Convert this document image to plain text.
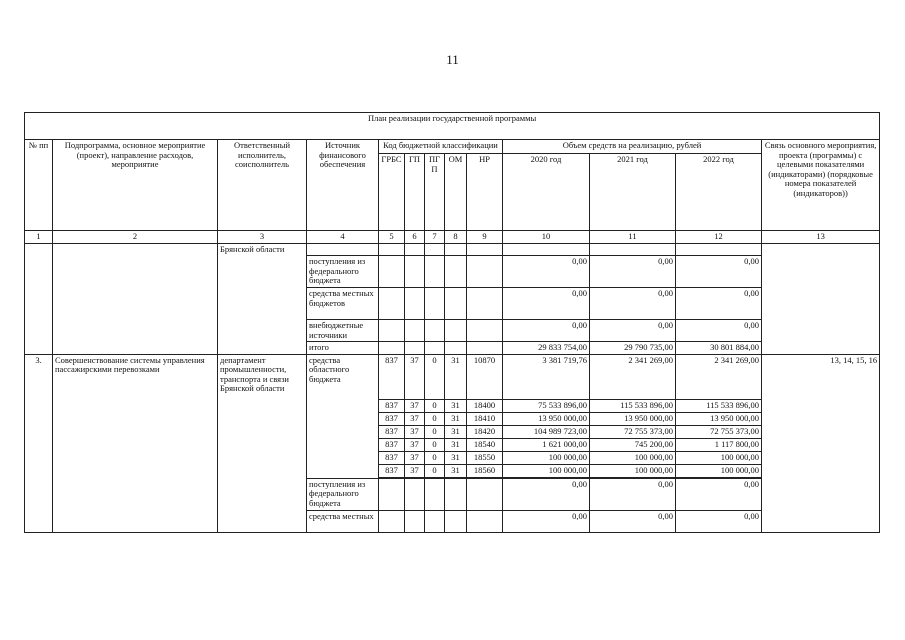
11
План реализации государственной программы												
№ пп	Подпрограмма, основное мероприятие (проект), направление расходов, мероприятие	Ответственный исполнитель, соисполнитель	Источник финансового обеспечения	Код бюджетной классификации					Объем средств на реализацию, рублей			Связь основного мероприятия, проекта (программы) с целевыми показателями (индикаторами) (порядковые номера показателей (индикаторов))
				ГРБС	ГП	ПГП	ОМ	НР	2020 год	2021 год	2022 год	
1	2	3	4	5	6	7	8	9	10	11	12	13
		Брянской области										
			поступления из федерального бюджета						0,00	0,00	0,00	
			средства местных бюджетов						0,00	0,00	0,00	
			внебюджетные источники						0,00	0,00	0,00	
			итого						29 833 754,00	29 790 735,00	30 801 884,00	
3.	Совершенствование системы управления пассажирскими перевозками	департамент промышленности, транспорта и связи Брянской области	средства областного бюджета	837	37	0	31	10870	3 381 719,76	2 341 269,00	2 341 269,00	13, 14, 15, 16
				837	37	0	31	18400	75 533 896,00	115 533 896,00	115 533 896,00	
				837	37	0	31	18410	13 950 000,00	13 950 000,00	13 950 000,00	
				837	37	0	31	18420	104 989 723,00	72 755 373,00	72 755 373,00	
				837	37	0	31	18540	1 621 000,00	745 200,00	1 117 800,00	
				837	37	0	31	18550	100 000,00	100 000,00	100 000,00	
				837	37	0	31	18560	100 000,00	100 000,00	100 000,00	

			поступления из федерального бюджета						0,00	0,00	0,00	
			средства местных						0,00	0,00	0,00	
